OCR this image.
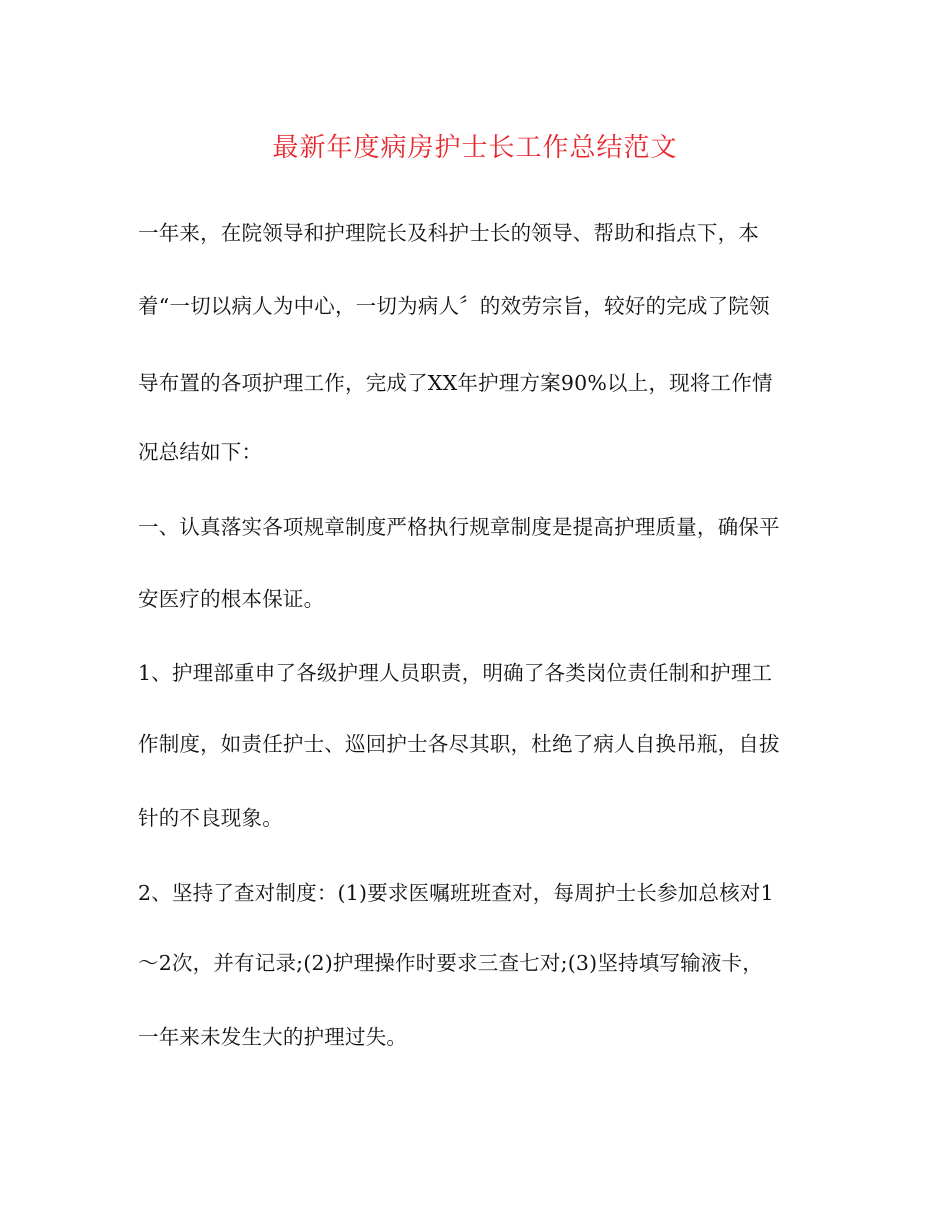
最新年度病房护士长工作总结范文
一年来，在院领导和护理院长及科护士长的领导、帮助和指点下，本
着“一切以病人为中心，一切为病人〞的效劳宗旨，较好的完成了院领
导布置的各项护理工作，完成了XX年护理方案90%以上，现将工作情
况总结如下：
一、认真落实各项规章制度严格执行规章制度是提高护理质量，确保平
安医疗的根本保证。
1、护理部重申了各级护理人员职责，明确了各类岗位责任制和护理工
作制度，如责任护士、巡回护士各尽其职，杜绝了病人自换吊瓶，自拔
针的不良现象。
2、坚持了查对制度：(1)要求医嘱班班查对，每周护士长参加总核对1
～2次，并有记录;(2)护理操作时要求三查七对;(3)坚持填写输液卡，
一年来未发生大的护理过失。
